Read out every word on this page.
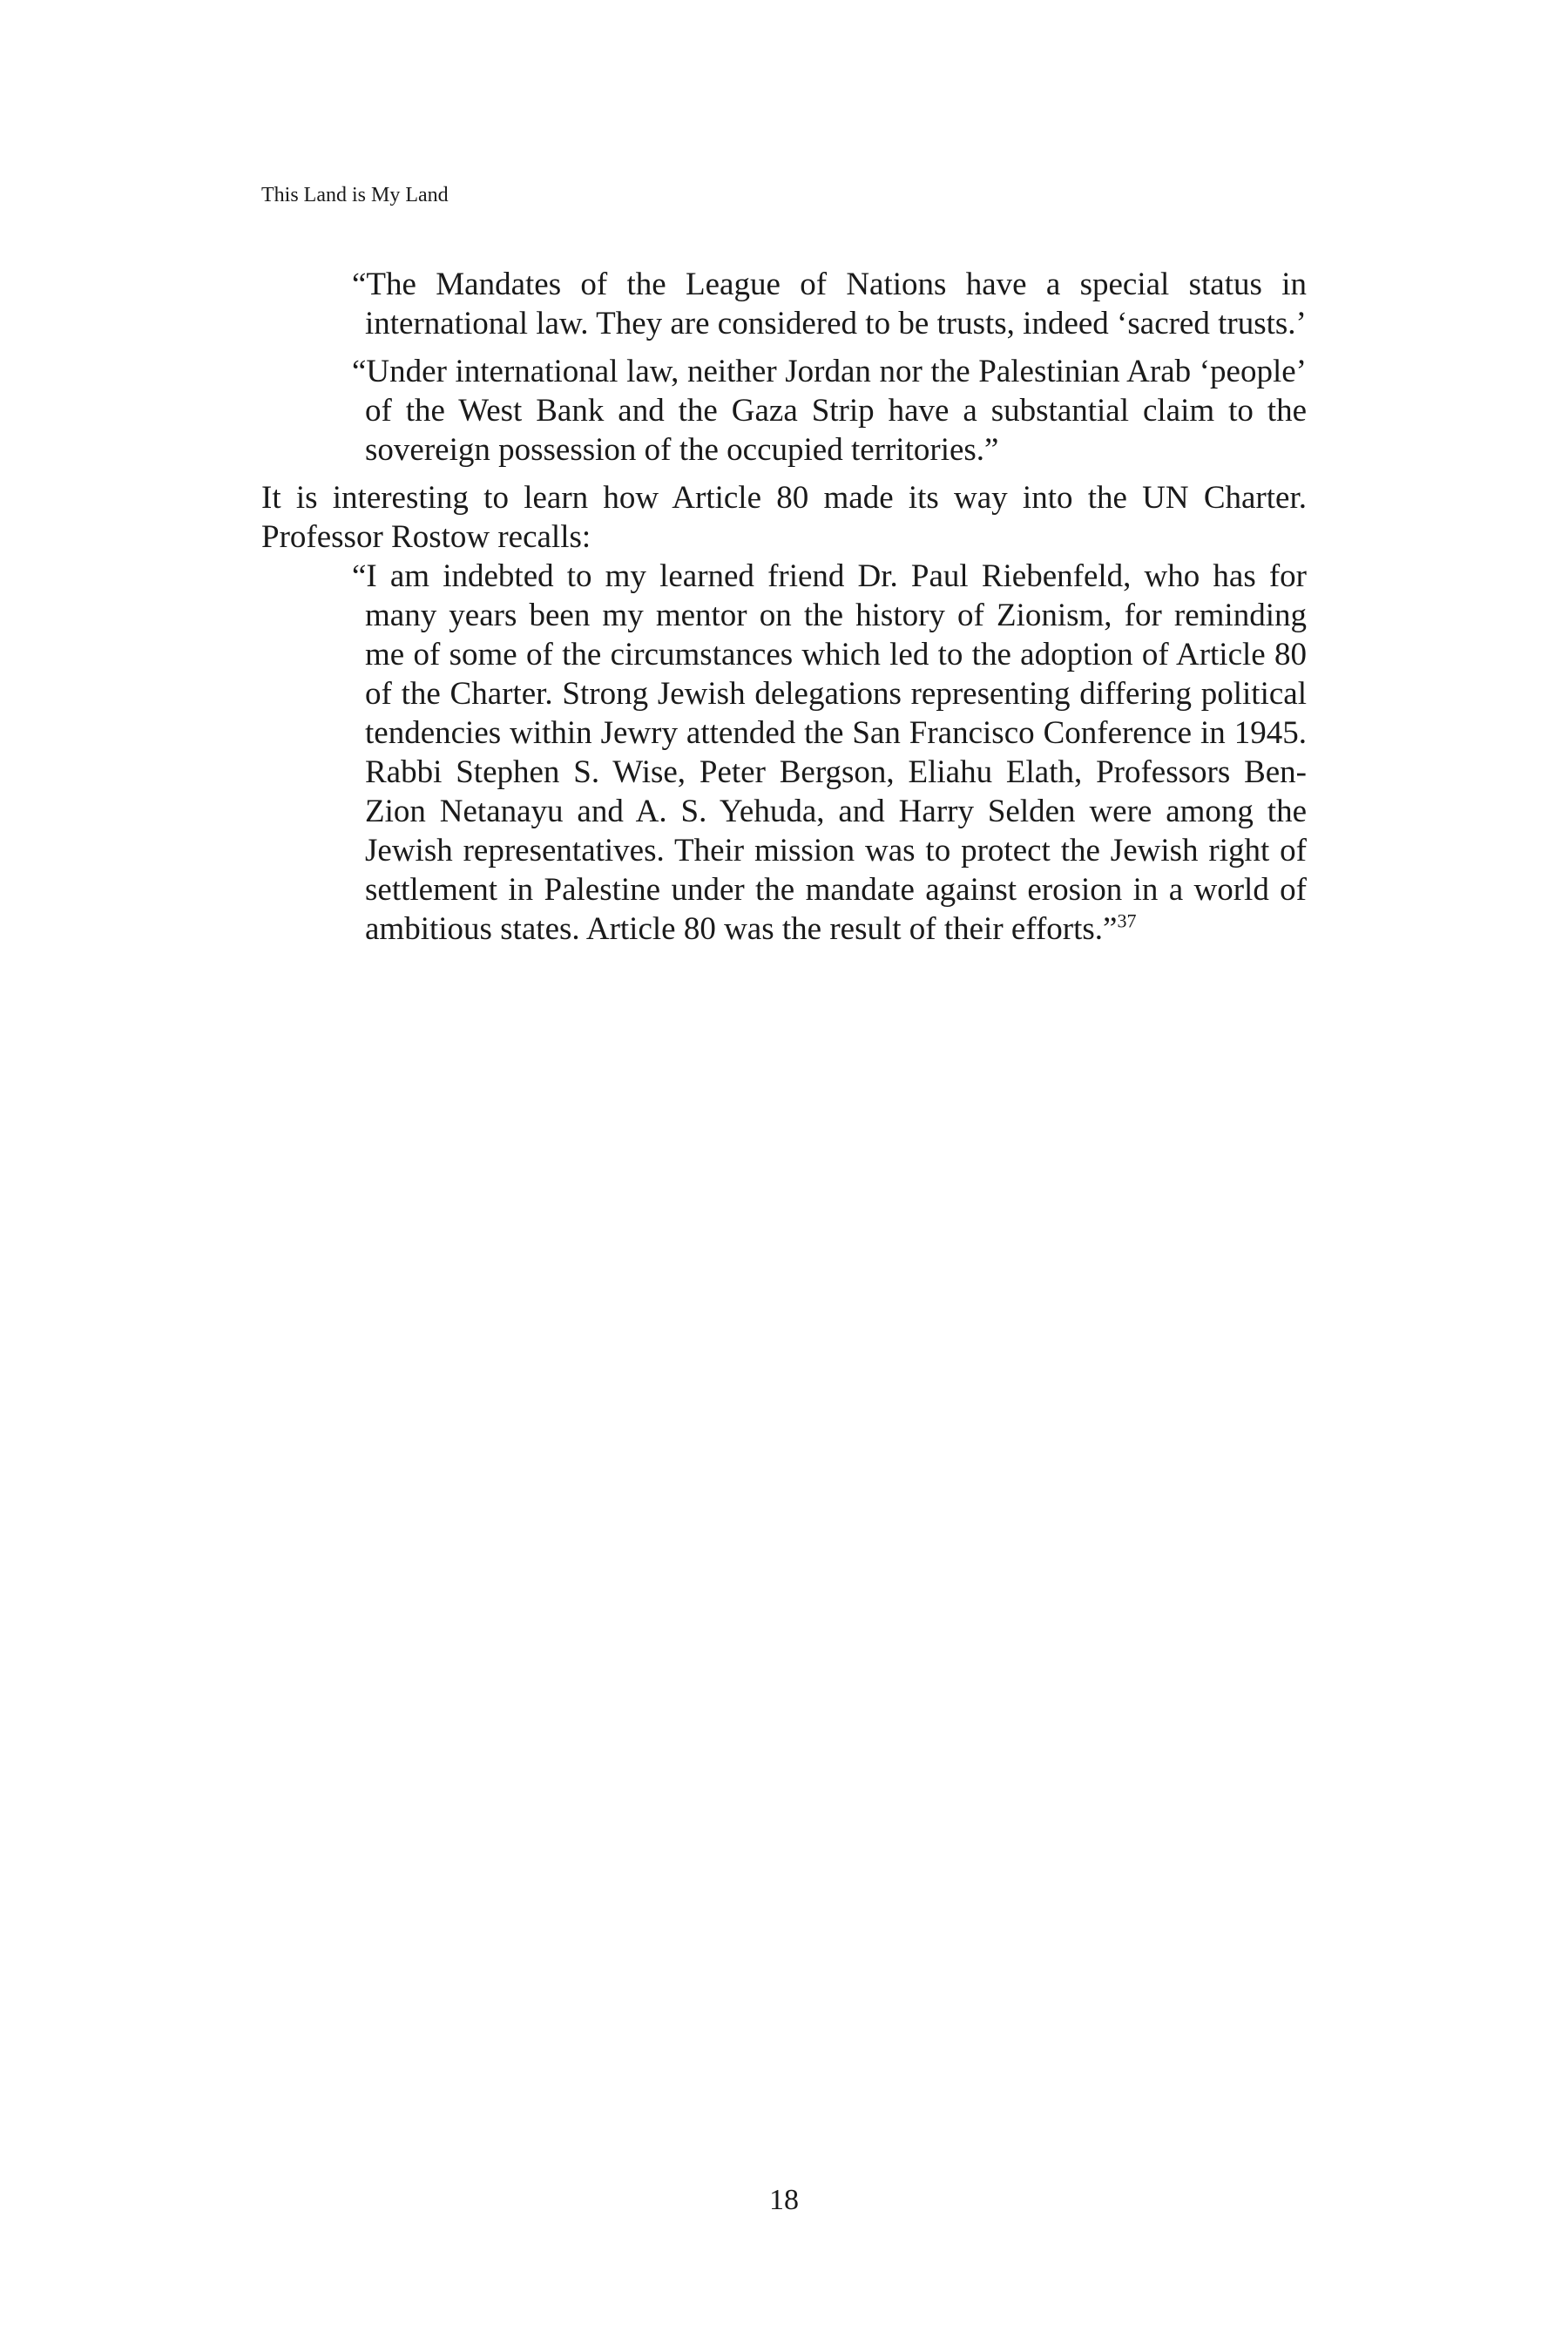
This Land is My Land

“The Mandates of the League of Nations have a special status in international law. They are considered to be trusts, indeed ‘sacred trusts.’

“Under international law, neither Jordan nor the Palestinian Arab ‘people’ of the West Bank and the Gaza Strip have a substantial claim to the sovereign possession of the occupied territories.”

It is interesting to learn how Article 80 made its way into the UN Charter. Professor Rostow recalls:

“I am indebted to my learned friend Dr. Paul Riebenfeld, who has for many years been my mentor on the history of Zionism, for reminding me of some of the circumstances which led to the adoption of Article 80 of the Charter. Strong Jewish delegations representing differing political tendencies within Jewry attended the San Francisco Conference in 1945. Rabbi Stephen S. Wise, Peter Bergson, Eliahu Elath, Professors Ben-Zion Netanayu and A. S. Yehuda, and Harry Selden were among the Jewish representatives. Their mission was to protect the Jewish right of settlement in Palestine under the mandate against erosion in a world of ambitious states. Article 80 was the result of their efforts.”$^{37}$

18
